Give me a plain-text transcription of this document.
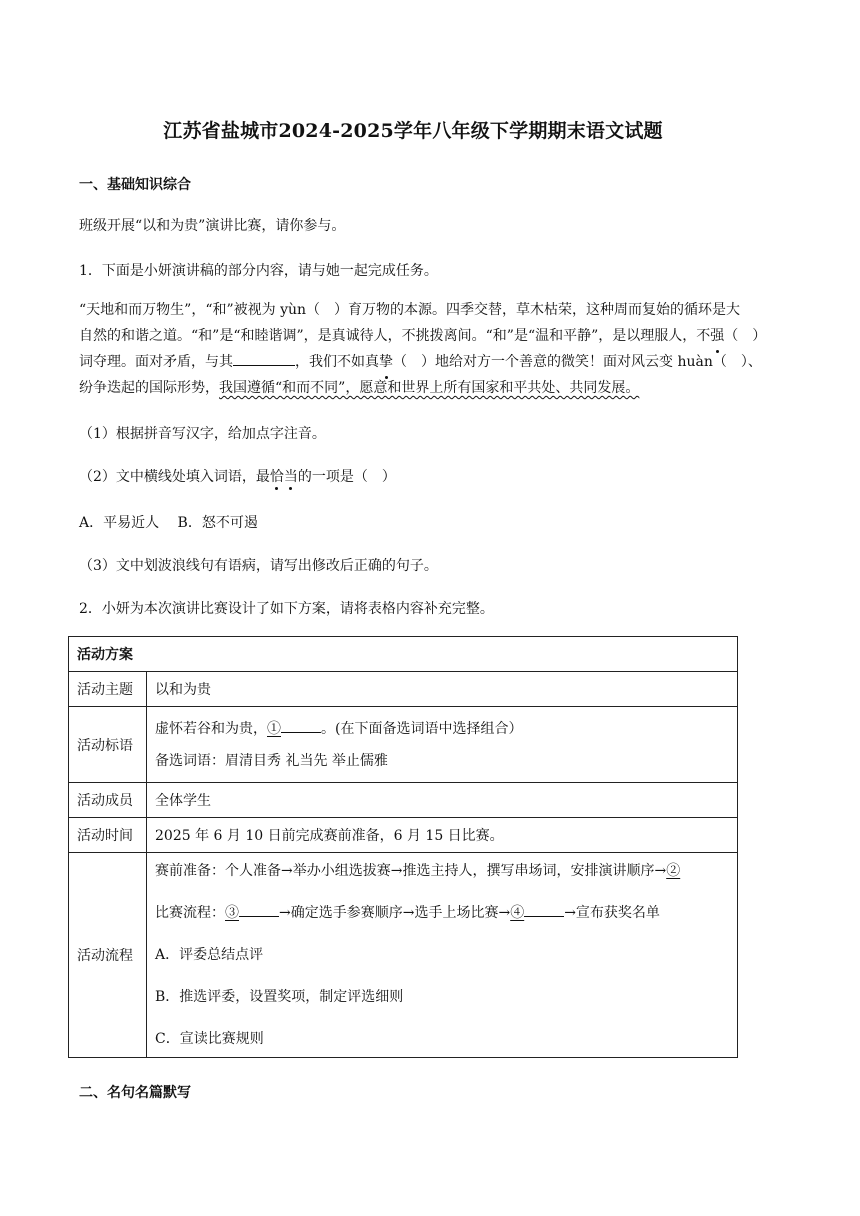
江苏省盐城市2024-2025学年八年级下学期期末语文试题
一、基础知识综合
班级开展“以和为贵”演讲比赛，请你参与。
1．下面是小妍演讲稿的部分内容，请与她一起完成任务。
“天地和而万物生”，“和”被视为 yùn（　）育万物的本源。四季交替，草木枯荣，这种周而复始的循环是大
自然的和谐之道。“和”是“和睦谐调”，是真诚待人，不挑拨离间。“和”是“温和平静”，是以理服人，不强（　）
词夺理。面对矛盾，与其	，我们不如真挚（　）地给对方一个善意的微笑！面对风云变 huàn（　）、
纷争迭起的国际形势，我国遵循“和而不同”，愿意和世界上所有国家和平共处、共同发展。
（1）根据拼音写汉字，给加点字注音。
（2）文中横线处填入词语，最恰当的一项是（　）
A．平易近人　 B．怒不可遏
（3）文中划波浪线句有语病，请写出修改后正确的句子。
2．小妍为本次演讲比赛设计了如下方案，请将表格内容补充完整。
活动方案	
活动主题	以和为贵
活动标语	虚怀若谷和为贵，① 。(在下面备选词语中选择组合）
备选词语：眉清目秀 礼当先 举止儒雅

活动成员	全体学生
活动时间	2025 年 6 月 10 日前完成赛前准备，6 月 15 日比赛。
活动流程	赛前准备：个人准备→举办小组选拔赛→推选主持人，撰写串场词，安排演讲顺序→②
比赛流程：③ →确定选手参赛顺序→选手上场比赛→④ →宣布获奖名单
A．评委总结点评
B．推选评委，设置奖项，制定评选细则
C．宣读比赛规则
二、名句名篇默写
